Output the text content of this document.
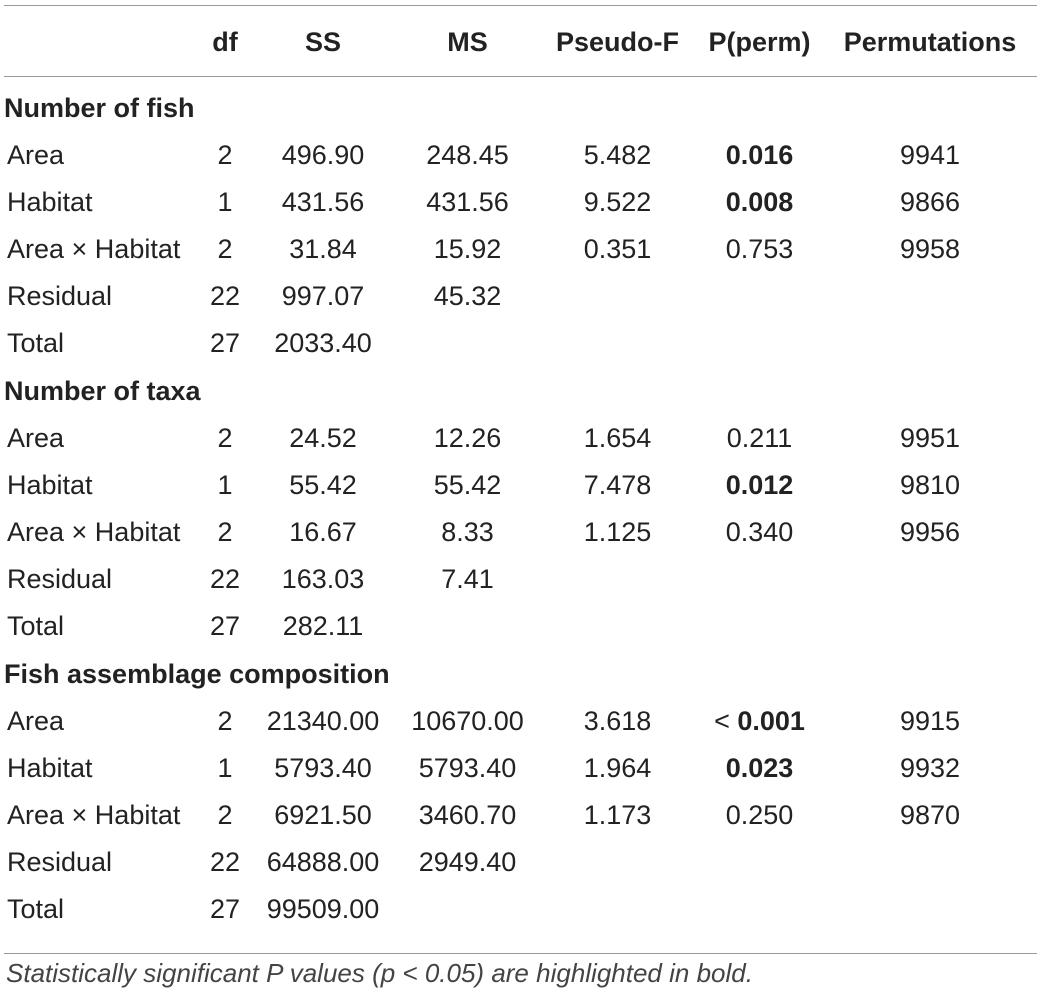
	df	SS	MS	Pseudo-F	P(perm)	Permutations

Number of fish						
Area	2	496.90	248.45	5.482	0.016	9941
Habitat	1	431.56	431.56	9.522	0.008	9866
Area × Habitat	2	31.84	15.92	0.351	0.753	9958
Residual	22	997.07	45.32			
Total	27	2033.40				
Number of taxa						
Area	2	24.52	12.26	1.654	0.211	9951
Habitat	1	55.42	55.42	7.478	0.012	9810
Area × Habitat	2	16.67	8.33	1.125	0.340	9956
Residual	22	163.03	7.41			
Total	27	282.11				
Fish assemblage composition						
Area	2	21340.00	10670.00	3.618	< 0.001	9915
Habitat	1	5793.40	5793.40	1.964	0.023	9932
Area × Habitat	2	6921.50	3460.70	1.173	0.250	9870
Residual	22	64888.00	2949.40			
Total	27	99509.00				
Statistically significant P values (p < 0.05) are highlighted in bold.
